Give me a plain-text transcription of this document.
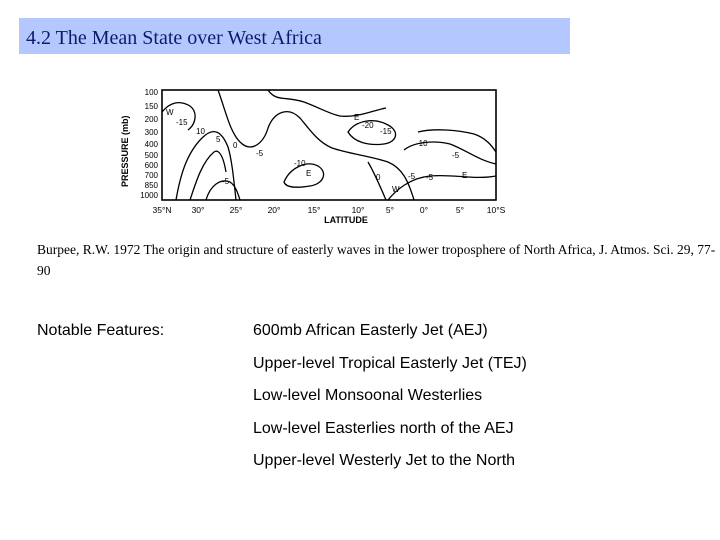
4.2 The Mean State over West Africa
PRESSURE (mb)
100
150
200
300
400
500
600
700
850
1000
W
-15
10
5
0
E
-20
-15
-10
-5
-5
-10
E	0	-5 -5	E
W
-5
35°N 30°	25°	20°	15°	10°	5°	0°	5°	10°S
LATITUDE
Burpee, R.W. 1972 The origin and structure of easterly waves in the lower troposphere of North Africa, J. Atmos. Sci. 29, 77-90
Notable Features:	600mb African Easterly Jet (AEJ)
Upper-level Tropical Easterly Jet (TEJ)
Low-level Monsoonal Westerlies
Low-level Easterlies north of the AEJ
Upper-level Westerly Jet to the North
